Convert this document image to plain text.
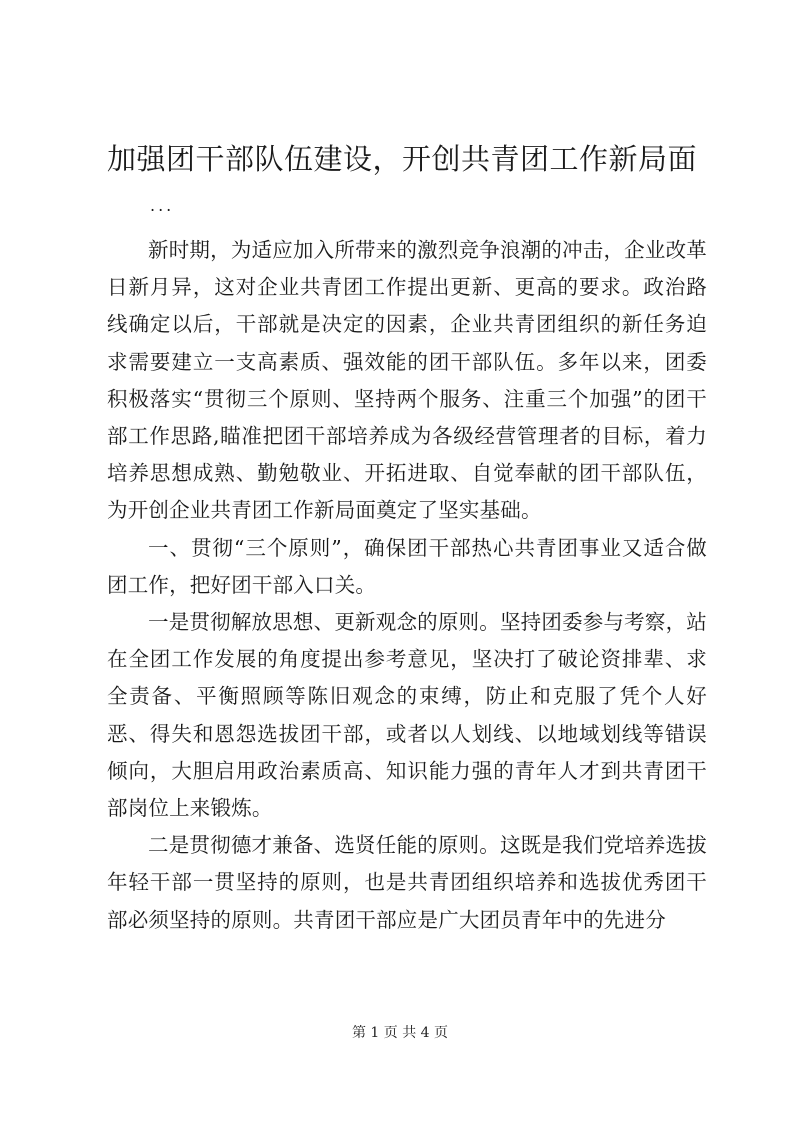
加强团干部队伍建设，开创共青团工作新局面
...

新时期，为适应加入所带来的激烈竞争浪潮的冲击，企业改革日新月异，这对企业共青团工作提出更新、更高的要求。政治路线确定以后，干部就是决定的因素，企业共青团组织的新任务迫求需要建立一支高素质、强效能的团干部队伍。多年以来，团委积极落实“贯彻三个原则、坚持两个服务、注重三个加强”的团干部工作思路,瞄准把团干部培养成为各级经营管理者的目标，着力培养思想成熟、勤勉敬业、开拓进取、自觉奉献的团干部队伍，为开创企业共青团工作新局面奠定了坚实基础。

一、贯彻“三个原则”，确保团干部热心共青团事业又适合做团工作，把好团干部入口关。

一是贯彻解放思想、更新观念的原则。坚持团委参与考察，站在全团工作发展的角度提出参考意见，坚决打了破论资排辈、求全责备、平衡照顾等陈旧观念的束缚，防止和克服了凭个人好恶、得失和恩怨选拔团干部，或者以人划线、以地域划线等错误倾向，大胆启用政治素质高、知识能力强的青年人才到共青团干部岗位上来锻炼。

二是贯彻德才兼备、选贤任能的原则。这既是我们党培养选拔年轻干部一贯坚持的原则，也是共青团组织培养和选拔优秀团干部必须坚持的原则。共青团干部应是广大团员青年中的先进分

第 1 页 共 4 页
